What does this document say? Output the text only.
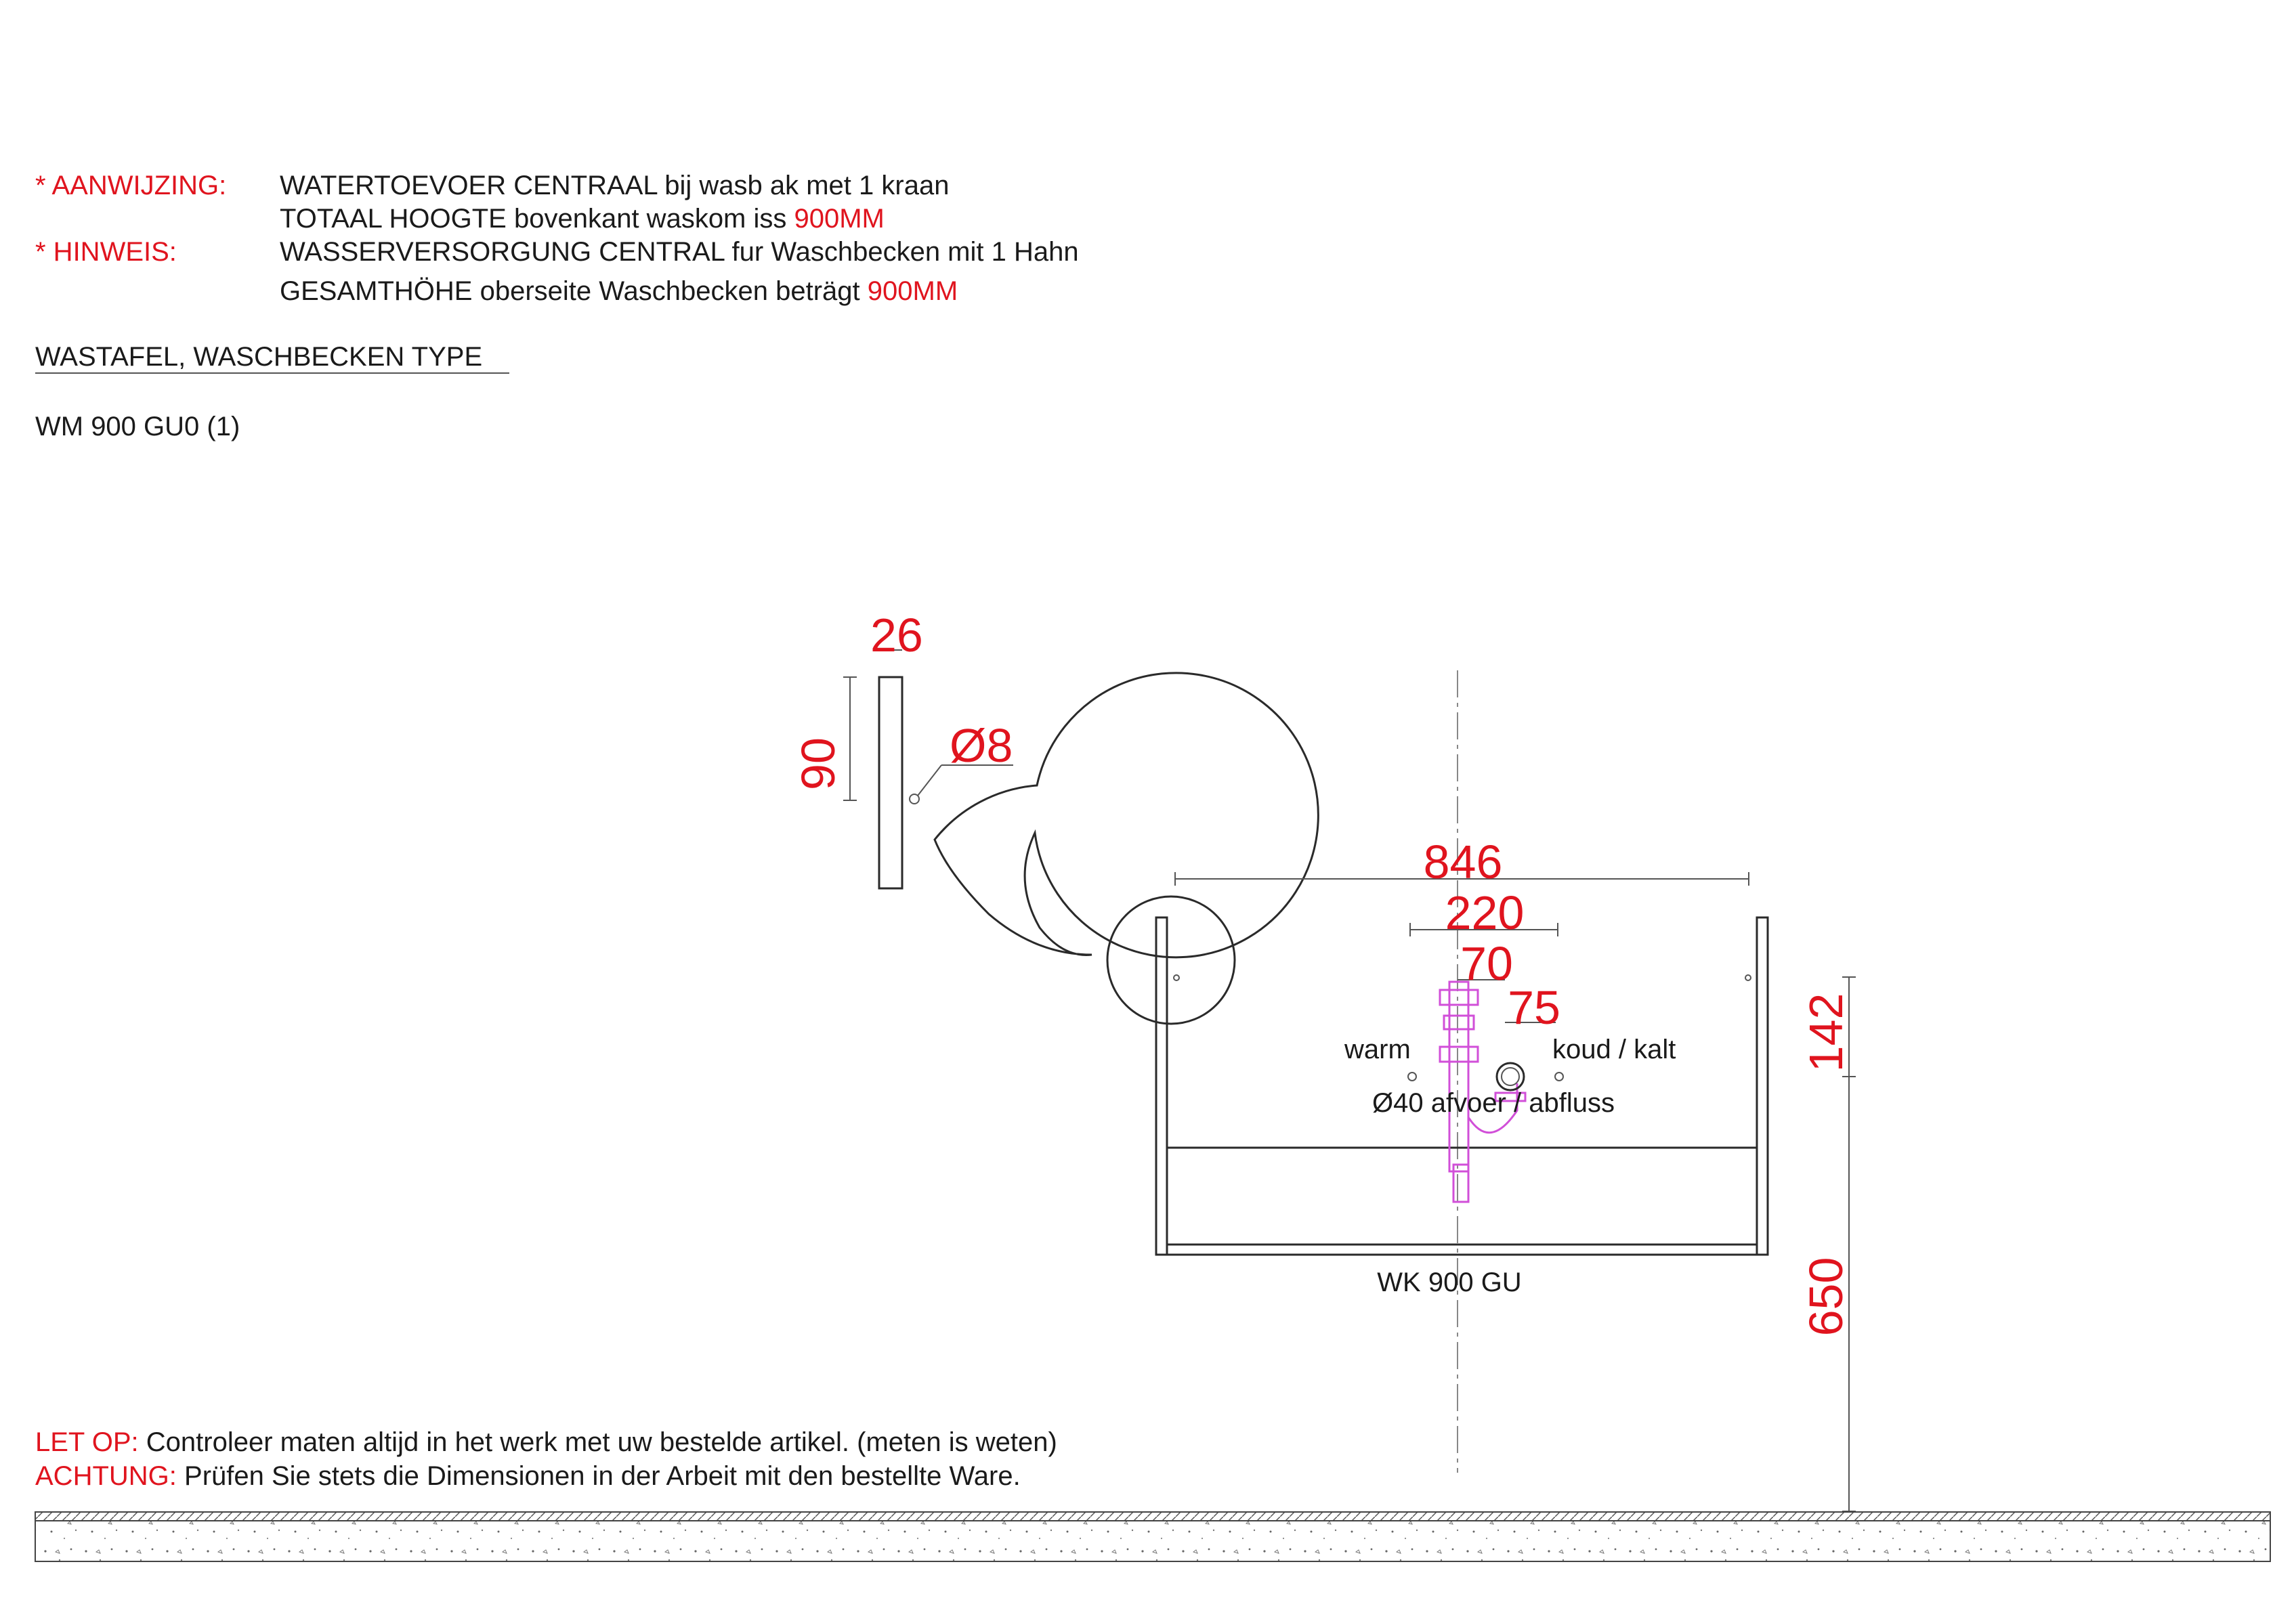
* AANWIJZING: WATERTOEVOER CENTRAAL bij wasb ak met 1 kraan
TOTAAL HOOGTE bovenkant waskom iss 900MM
* HINWEIS:	WASSERVERSORGUNG CENTRAL fur Waschbecken mit 1 Hahn
GESAMTHÖHE oberseite Waschbecken beträgt 900MM
WASTAFEL, WASCHBECKEN TYPE
WM 900 GU0 (1)
26
90 Ø8
846
220
70
75
warm	koud / kalt
Ø40 afvoer / abfluss
WK 900 GU
142
650
LET OP: Controleer maten altijd in het werk met uw bestelde artikel. (meten is weten)
ACHTUNG: Prüfen Sie stets die Dimensionen in der Arbeit mit den bestellte Ware.
